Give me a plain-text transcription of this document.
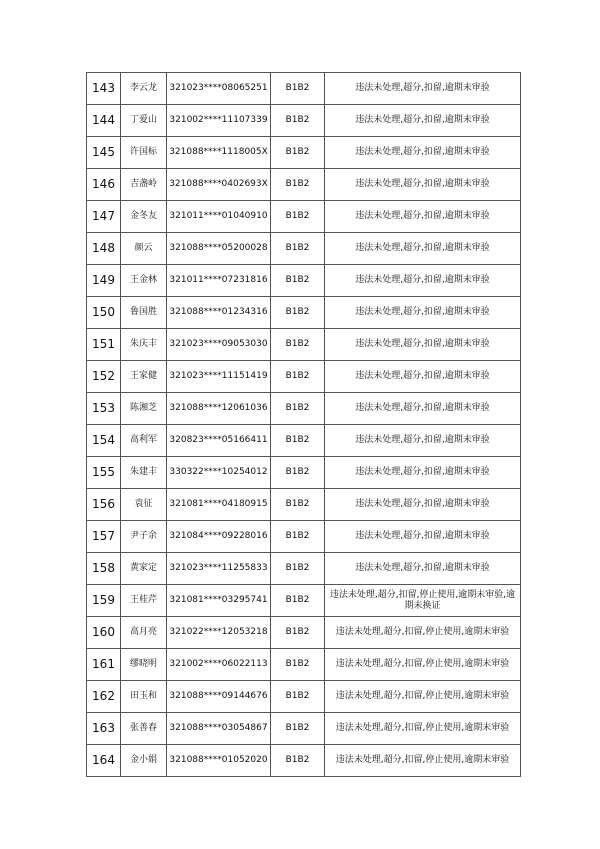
143	李云龙	321023****08065251	B1B2	违法未处理,超分,扣留,逾期未审验
144	丁爱山	321002****11107339	B1B2	违法未处理,超分,扣留,逾期未审验
145	许国标	321088****1118005X	B1B2	违法未处理,超分,扣留,逾期未审验
146	吉盏岭	321088****0402693X	B1B2	违法未处理,超分,扣留,逾期未审验
147	金冬友	321011****01040910	B1B2	违法未处理,超分,扣留,逾期未审验
148	颜云	321088****05200028	B1B2	违法未处理,超分,扣留,逾期未审验
149	王金林	321011****07231816	B1B2	违法未处理,超分,扣留,逾期未审验
150	鲁国胜	321088****01234316	B1B2	违法未处理,超分,扣留,逾期未审验
151	朱庆丰	321023****09053030	B1B2	违法未处理,超分,扣留,逾期未审验
152	王家健	321023****11151419	B1B2	违法未处理,超分,扣留,逾期未审验
153	陈湘芝	321088****12061036	B1B2	违法未处理,超分,扣留,逾期未审验
154	高利军	320823****05166411	B1B2	违法未处理,超分,扣留,逾期未审验
155	朱建丰	330322****10254012	B1B2	违法未处理,超分,扣留,逾期未审验
156	袁征	321081****04180915	B1B2	违法未处理,超分,扣留,逾期未审验
157	尹子余	321084****09228016	B1B2	违法未处理,超分,扣留,逾期未审验
158	黄家定	321023****11255833	B1B2	违法未处理,超分,扣留,逾期未审验
159	王桂芹	321081****03295741	B1B2	违法未处理,超分,扣留,停止使用,逾期未审验,逾期未换证
160	高月亮	321022****12053218	B1B2	违法未处理,超分,扣留,停止使用,逾期未审验
161	缪晓明	321002****06022113	B1B2	违法未处理,超分,扣留,停止使用,逾期未审验
162	田玉和	321088****09144676	B1B2	违法未处理,超分,扣留,停止使用,逾期未审验
163	张善春	321088****03054867	B1B2	违法未处理,超分,扣留,停止使用,逾期未审验
164	金小娟	321088****01052020	B1B2	违法未处理,超分,扣留,停止使用,逾期未审验
